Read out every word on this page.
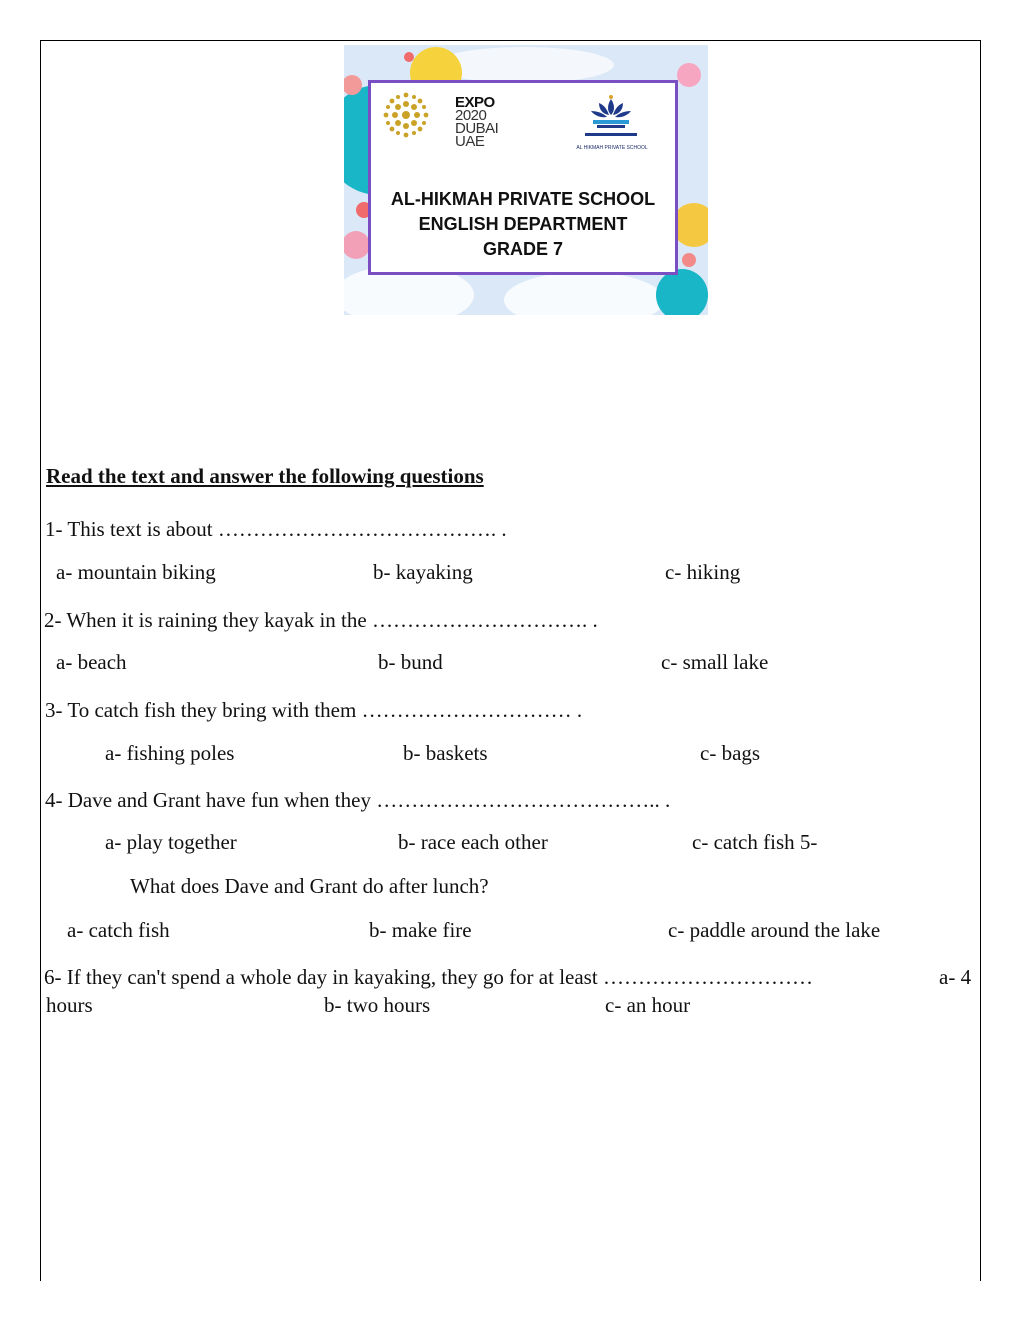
EXPO
2020
DUBAI
UAE	AL HIKMAH PRIVATE SCHOOL
AL-HIKMAH PRIVATE SCHOOL
ENGLISH DEPARTMENT
GRADE 7
Read the text and answer the following questions
1- This text is about …………………………………. .
a- mountain biking	b- kayaking	c- hiking
2- When it is raining they kayak in the …………………………. .
a- beach	b- bund	c- small lake
3- To catch fish they bring with them ………………………… .
a- fishing poles	b- baskets	c- bags
4- Dave and Grant have fun when they ………………………………….. .
a- play together	b- race each other	c- catch fish 5-
What does Dave and Grant do after lunch?
a- catch fish	b- make fire	c- paddle around the lake
6- If they can't spend a whole day in kayaking, they go for at least …………………………	a- 4
hours	b- two hours	c- an hour
